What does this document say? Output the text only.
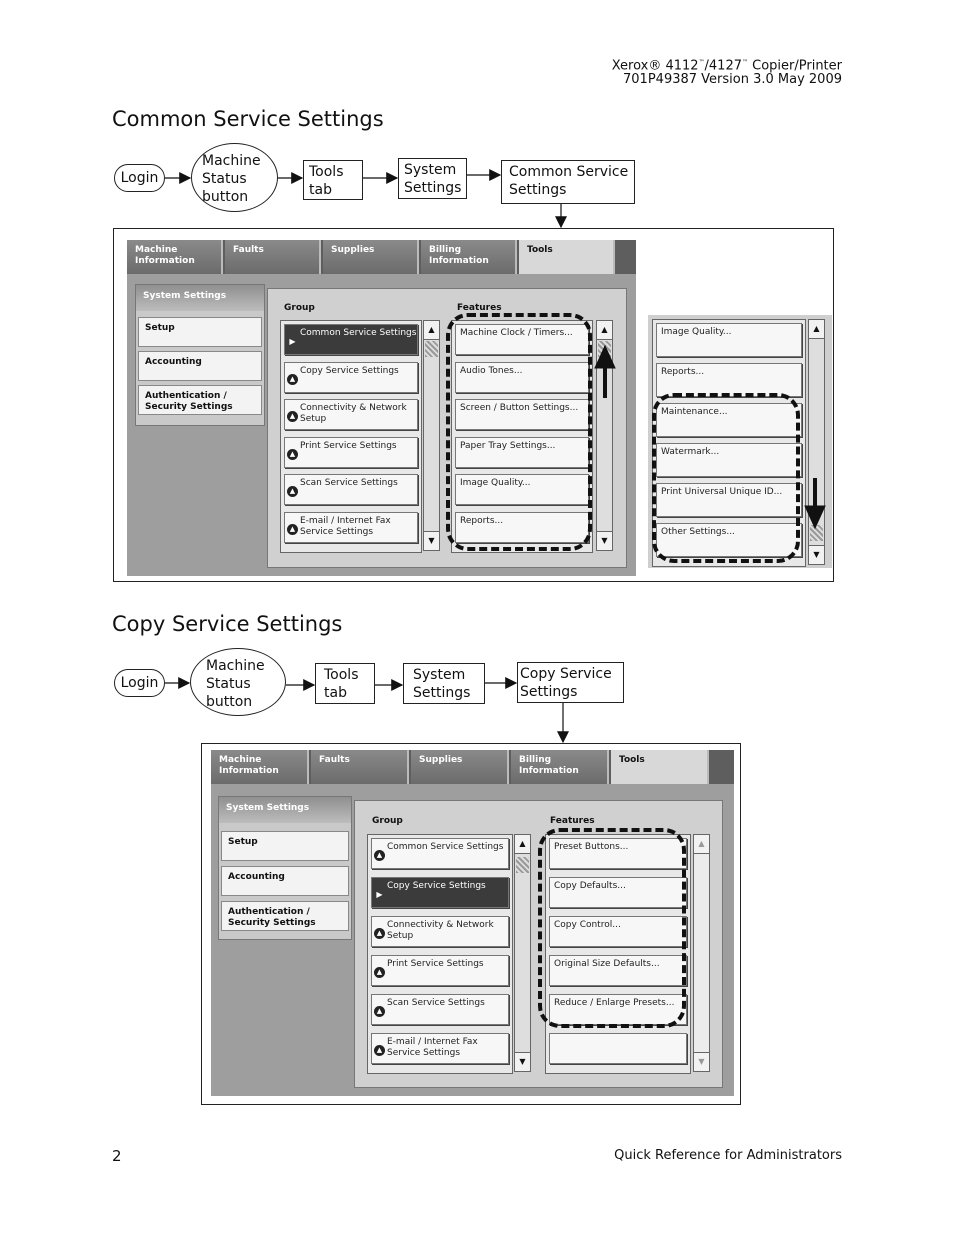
Xerox® 4112™/4127™ Copier/Printer
701P49387 Version 3.0 May 2009
Common Service Settings
Login
Machine
Status
button
Tools
tab
System
Settings
Common Service
Settings
Machine
Information
Faults	Supplies	Billing
Information
Tools
System Settings
Setup
Accounting
Authentication /
Security Settings
Group	Features
▶
Common Service Settings
▲
Copy Service Settings
▲
Connectivity & Network Setup
▲
Print Service Settings
▲
Scan Service Settings
▲
E-mail / Internet Fax
Service Settings
▲
▼
Machine Clock / Timers...
Audio Tones...
Screen / Button Settings...
Paper Tray Settings...
Image Quality...
Reports...
▲
▼
Image Quality...
Reports...
Maintenance...
Watermark...
Print Universal Unique ID...
Other Settings...
▲
▼
Copy Service Settings
Login
Machine
Status
button
Tools
tab
System
Settings
Copy Service
Settings
Machine
Information
Faults	Supplies	Billing
Information
Tools
System Settings
Setup
Accounting
Authentication /
Security Settings
Group	Features
▲
Common Service Settings
▶
Copy Service Settings
▲
Connectivity & Network Setup
▲
Print Service Settings
▲
Scan Service Settings
▲
E-mail / Internet Fax
Service Settings
▲
▼
Preset Buttons...
Copy Defaults...
Copy Control...
Original Size Defaults...
Reduce / Enlarge Presets...
▲
▼
2	Quick Reference for Administrators
